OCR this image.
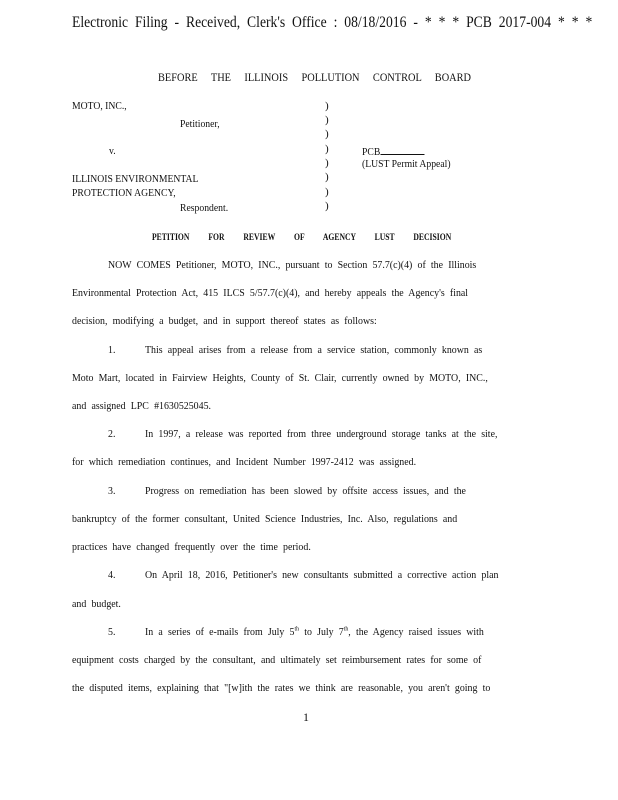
Electronic Filing - Received, Clerk's Office : 08/18/2016 - * * * PCB 2017-004 * * *
BEFORE THE ILLINOIS POLLUTION CONTROL BOARD
MOTO, INC.,
Petitioner,
v.
ILLINOIS ENVIRONMENTAL
PROTECTION AGENCY,
Respondent.
)
)
)
)
)
)
)
)
PCB
(LUST Permit Appeal)
PETITION FOR REVIEW OF AGENCY LUST DECISION
NOW COMES Petitioner, MOTO, INC., pursuant to Section 57.7(c)(4) of the Illinois
Environmental Protection Act, 415 ILCS 5/57.7(c)(4), and hereby appeals the Agency's final
decision, modifying a budget, and in support thereof states as follows:
1.	This appeal arises from a release from a service station, commonly known as
Moto Mart, located in Fairview Heights, County of St. Clair, currently owned by MOTO, INC.,
and assigned LPC #1630525045.
2.	In 1997, a release was reported from three underground storage tanks at the site,
for which remediation continues, and Incident Number 1997-2412 was assigned.
3.	Progress on remediation has been slowed by offsite access issues, and the
bankruptcy of the former consultant, United Science Industries, Inc. Also, regulations and
practices have changed frequently over the time period.
4.	On April 18, 2016, Petitioner's new consultants submitted a corrective action plan
and budget.
5.	In a series of e-mails from July 5th to July 7th, the Agency raised issues with
equipment costs charged by the consultant, and ultimately set reimbursement rates for some of
the disputed items, explaining that "[w]ith the rates we think are reasonable, you aren't going to
1
